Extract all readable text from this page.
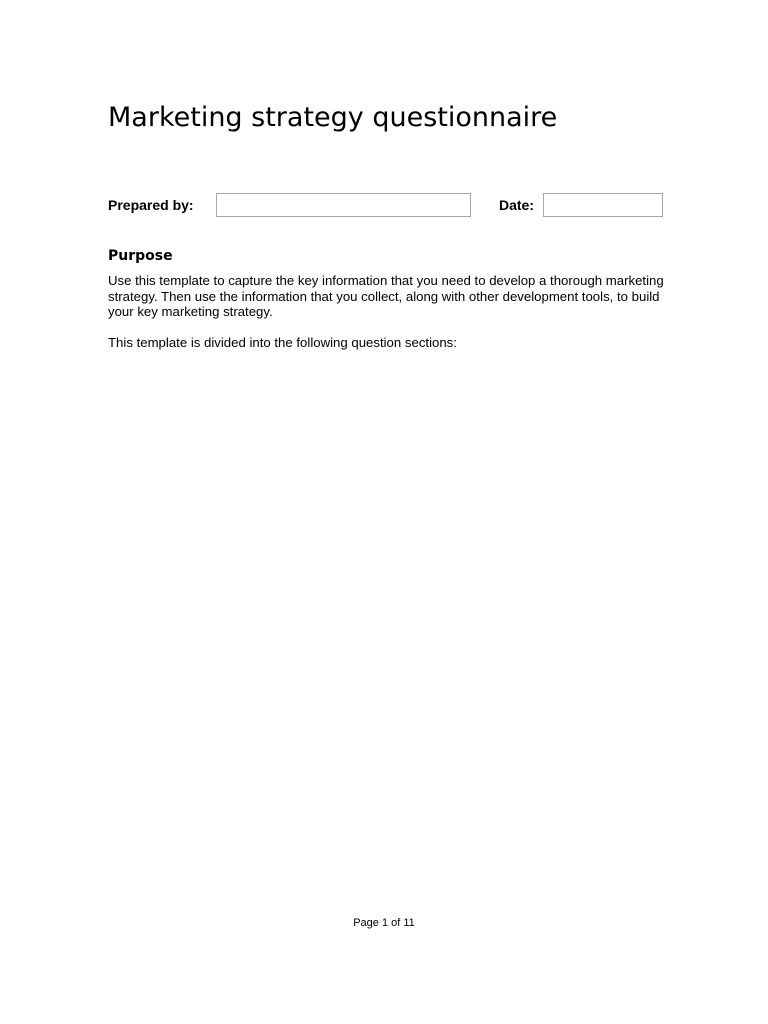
Marketing strategy questionnaire
Prepared by:	Date:
Purpose

Use this template to capture the key information that you need to develop a thorough marketing strategy. Then use the information that you collect, along with other development tools, to build your key marketing strategy.

This template is divided into the following question sections:

Page 1 of 11
